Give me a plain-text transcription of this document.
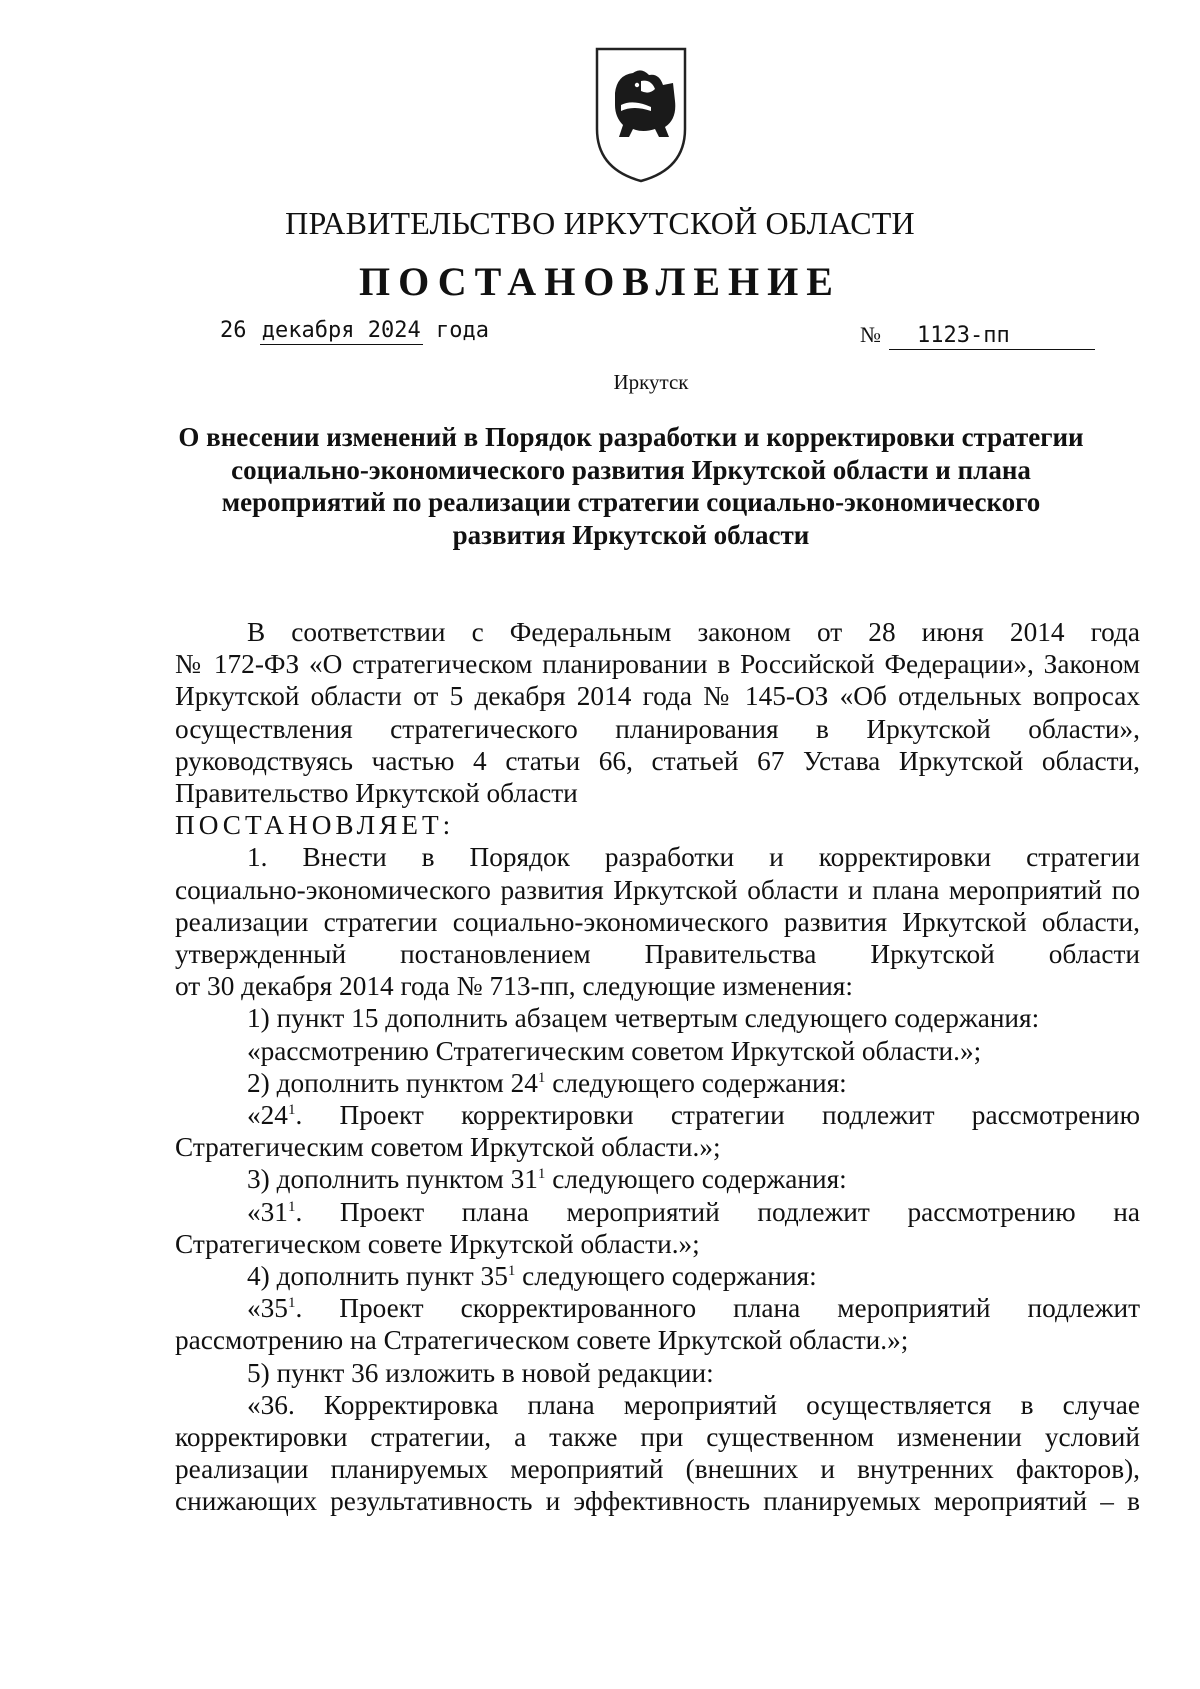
ПРАВИТЕЛЬСТВО ИРКУТСКОЙ ОБЛАСТИ
ПОСТАНОВЛЕНИЕ
26 декабря 2024 года	№ 1123-пп
Иркутск
О внесении изменений в Порядок разработки и корректировки стратегии
социально-экономического развития Иркутской области и плана
мероприятий по реализации стратегии социально-экономического
развития Иркутской области

В соответствии с Федеральным законом от 28 июня 2014 года

№ 172-ФЗ «О стратегическом планировании в Российской Федерации», Законом

Иркутской области от 5 декабря 2014 года № 145-ОЗ «Об отдельных вопросах

осуществления стратегического планирования в Иркутской области»,

руководствуясь частью 4 статьи 66, статьей 67 Устава Иркутской области,

Правительство Иркутской области

ПОСТАНОВЛЯЕТ:

1. Внести в Порядок разработки и корректировки стратегии

социально-экономического развития Иркутской области и плана мероприятий по

реализации стратегии социально-экономического развития Иркутской области,

утвержденный постановлением Правительства Иркутской области

от 30 декабря 2014 года № 713-пп, следующие изменения:

1) пункт 15 дополнить абзацем четвертым следующего содержания:

«рассмотрению Стратегическим советом Иркутской области.»;

2) дополнить пунктом $24^1$ следующего содержания:

«$24^1$. Проект корректировки стратегии подлежит рассмотрению

Стратегическим советом Иркутской области.»;

3) дополнить пунктом $31^1$ следующего содержания:

«$31^1$. Проект плана мероприятий подлежит рассмотрению на

Стратегическом совете Иркутской области.»;

4) дополнить пункт $35^1$ следующего содержания:

«$35^1$. Проект скорректированного плана мероприятий подлежит

рассмотрению на Стратегическом совете Иркутской области.»;

5) пункт 36 изложить в новой редакции:

«36. Корректировка плана мероприятий осуществляется в случае

корректировки стратегии, а также при существенном изменении условий

реализации планируемых мероприятий (внешних и внутренних факторов),

снижающих результативность и эффективность планируемых мероприятий – в
